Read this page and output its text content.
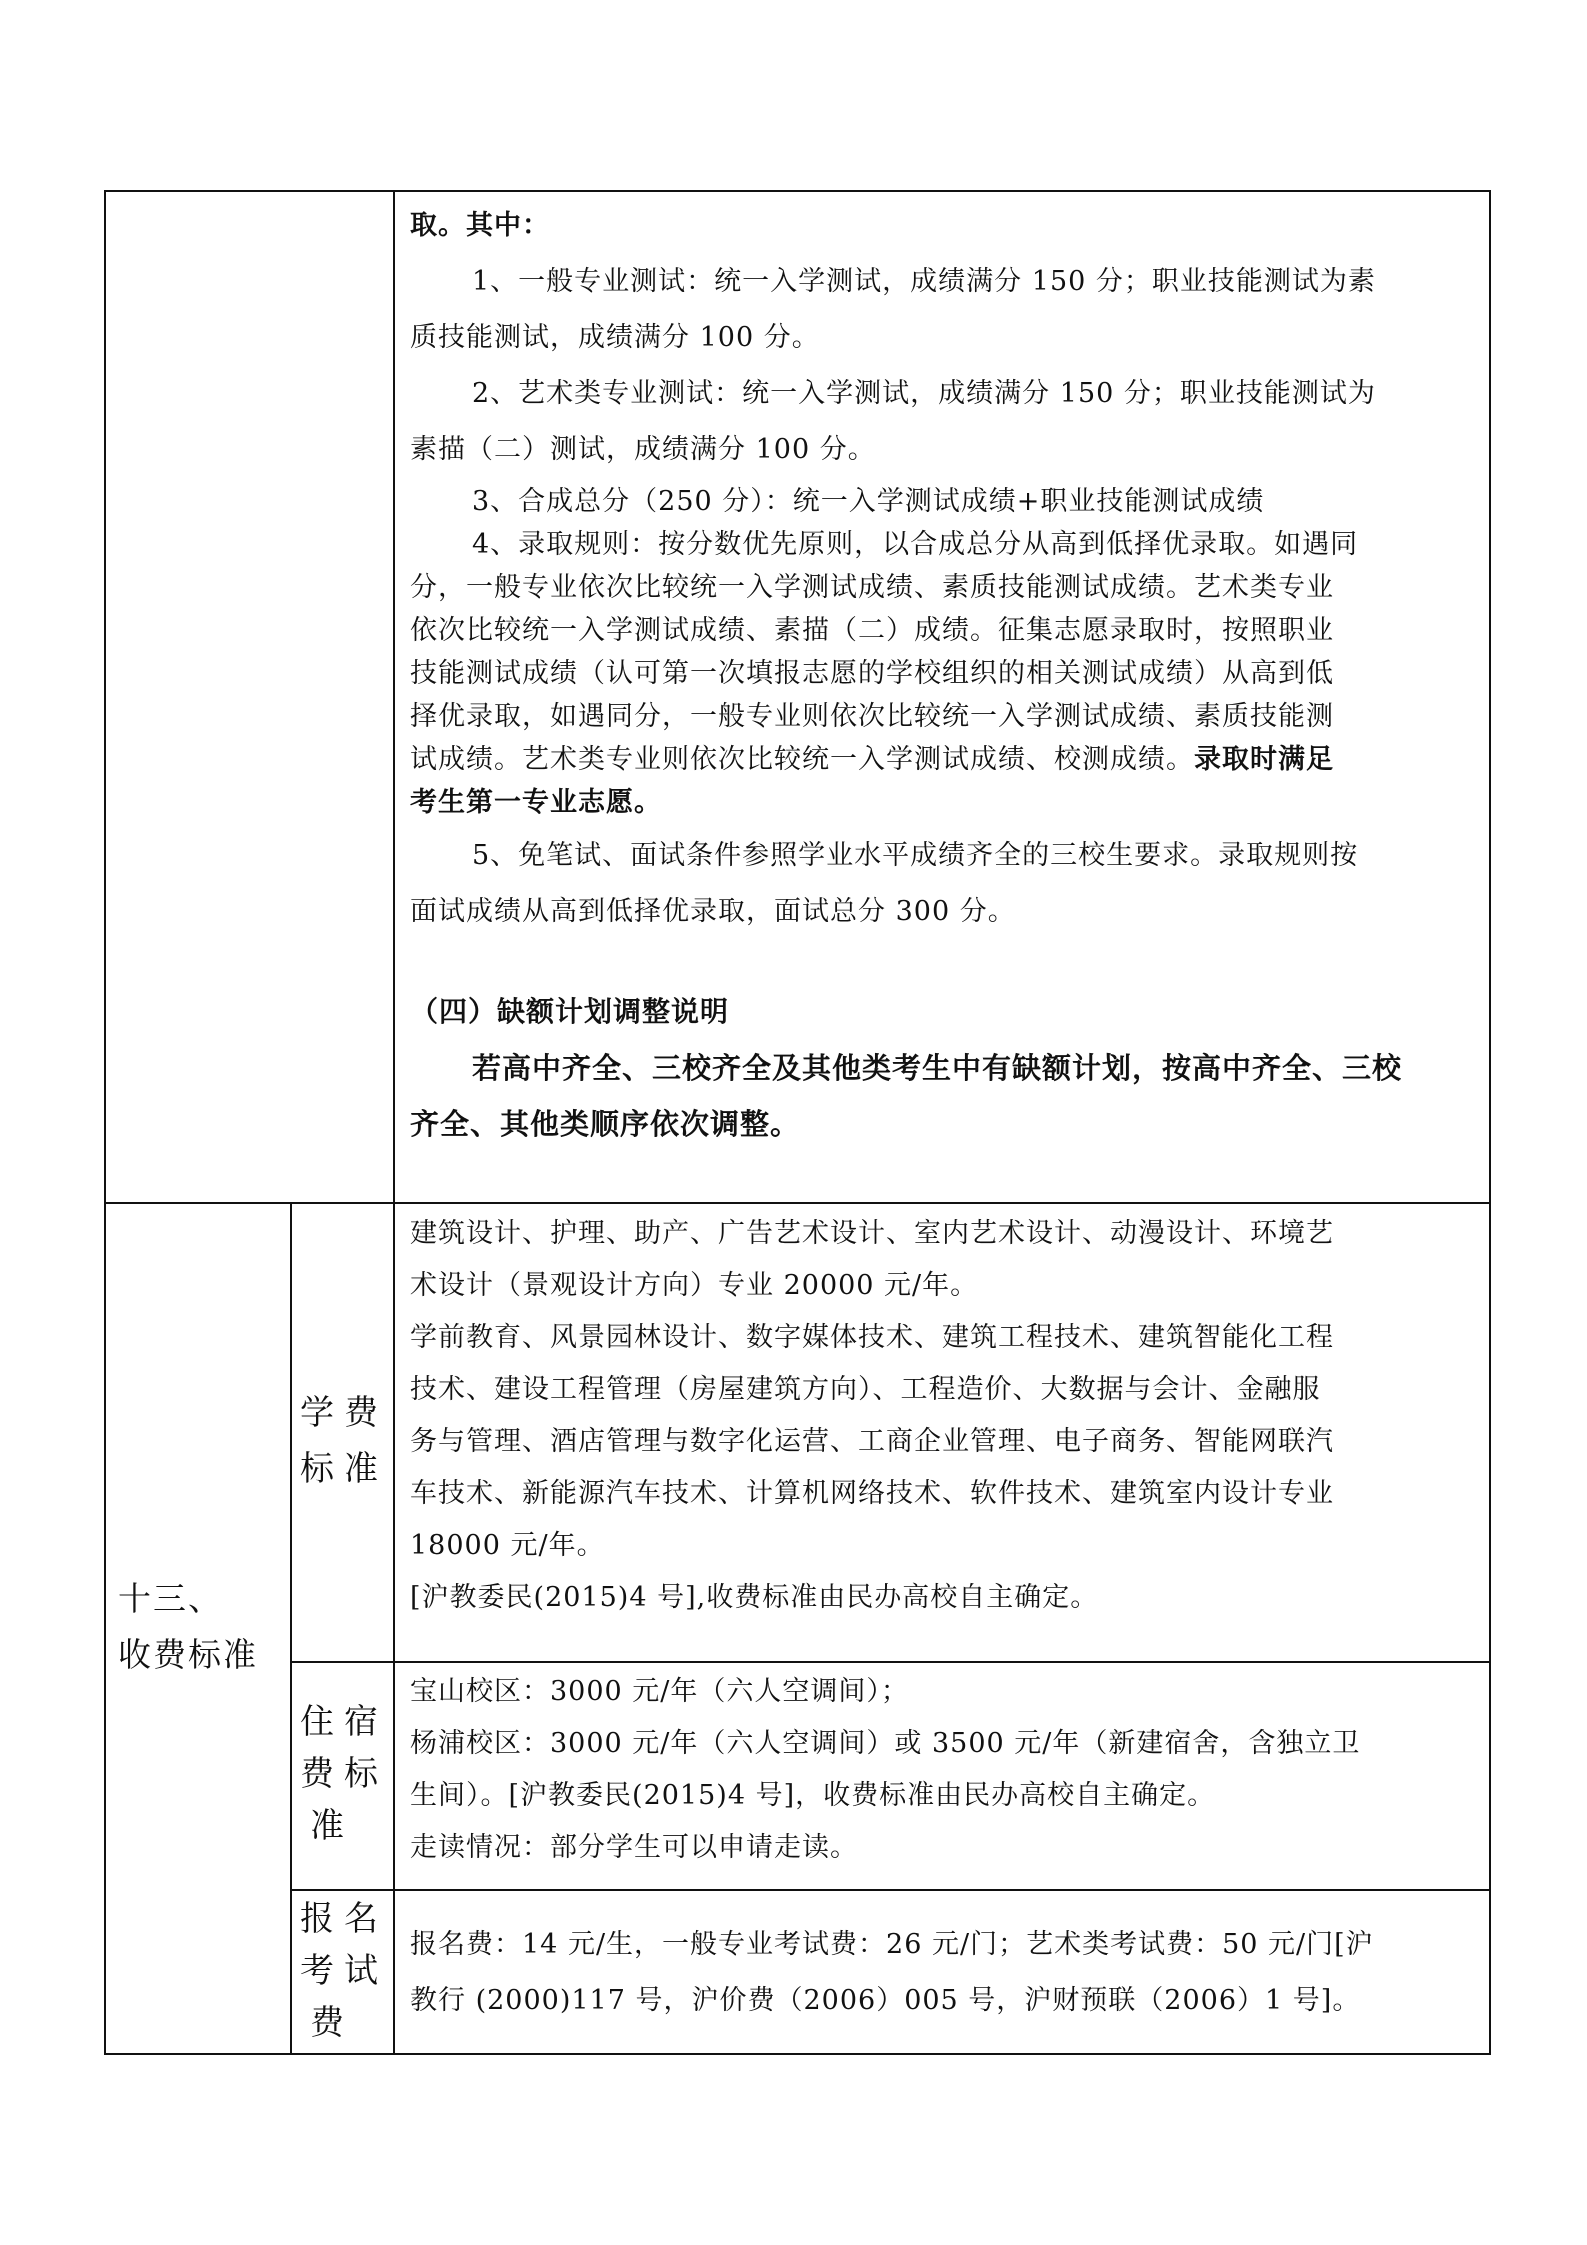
取。其中：

1、一般专业测试：统一入学测试，成绩满分 150 分；职业技能测试为素

质技能测试，成绩满分 100 分。

2、艺术类专业测试：统一入学测试，成绩满分 150 分；职业技能测试为

素描（二）测试，成绩满分 100 分。

3、合成总分（250 分）：统一入学测试成绩+职业技能测试成绩

4、录取规则：按分数优先原则，以合成总分从高到低择优录取。如遇同

分，一般专业依次比较统一入学测试成绩、素质技能测试成绩。艺术类专业

依次比较统一入学测试成绩、素描（二）成绩。征集志愿录取时，按照职业

技能测试成绩（认可第一次填报志愿的学校组织的相关测试成绩）从高到低

择优录取，如遇同分，一般专业则依次比较统一入学测试成绩、素质技能测

试成绩。艺术类专业则依次比较统一入学测试成绩、校测成绩。录取时满足

考生第一专业志愿。

5、免笔试、面试条件参照学业水平成绩齐全的三校生要求。录取规则按

面试成绩从高到低择优录取，面试总分 300 分。

（四）缺额计划调整说明

若高中齐全、三校齐全及其他类考生中有缺额计划，按高中齐全、三校

齐全、其他类顺序依次调整。

十三、
收费标准
学费
标准

建筑设计、护理、助产、广告艺术设计、室内艺术设计、动漫设计、环境艺

术设计（景观设计方向）专业 20000 元/年。

学前教育、风景园林设计、数字媒体技术、建筑工程技术、建筑智能化工程

技术、建设工程管理（房屋建筑方向）、工程造价、大数据与会计、金融服

务与管理、酒店管理与数字化运营、工商企业管理、电子商务、智能网联汽

车技术、新能源汽车技术、计算机网络技术、软件技术、建筑室内设计专业

18000 元/年。

[沪教委民(2015)4 号],收费标准由民办高校自主确定。

住宿
费标
准

宝山校区：3000 元/年（六人空调间）；

杨浦校区：3000 元/年（六人空调间）或 3500 元/年（新建宿舍，含独立卫

生间）。[沪教委民(2015)4 号]，收费标准由民办高校自主确定。

走读情况：部分学生可以申请走读。

报名
考试
费

报名费：14 元/生，一般专业考试费：26 元/门；艺术类考试费：50 元/门[沪

教行 (2000)117 号，沪价费（2006）005 号，沪财预联（2006）1 号]。
